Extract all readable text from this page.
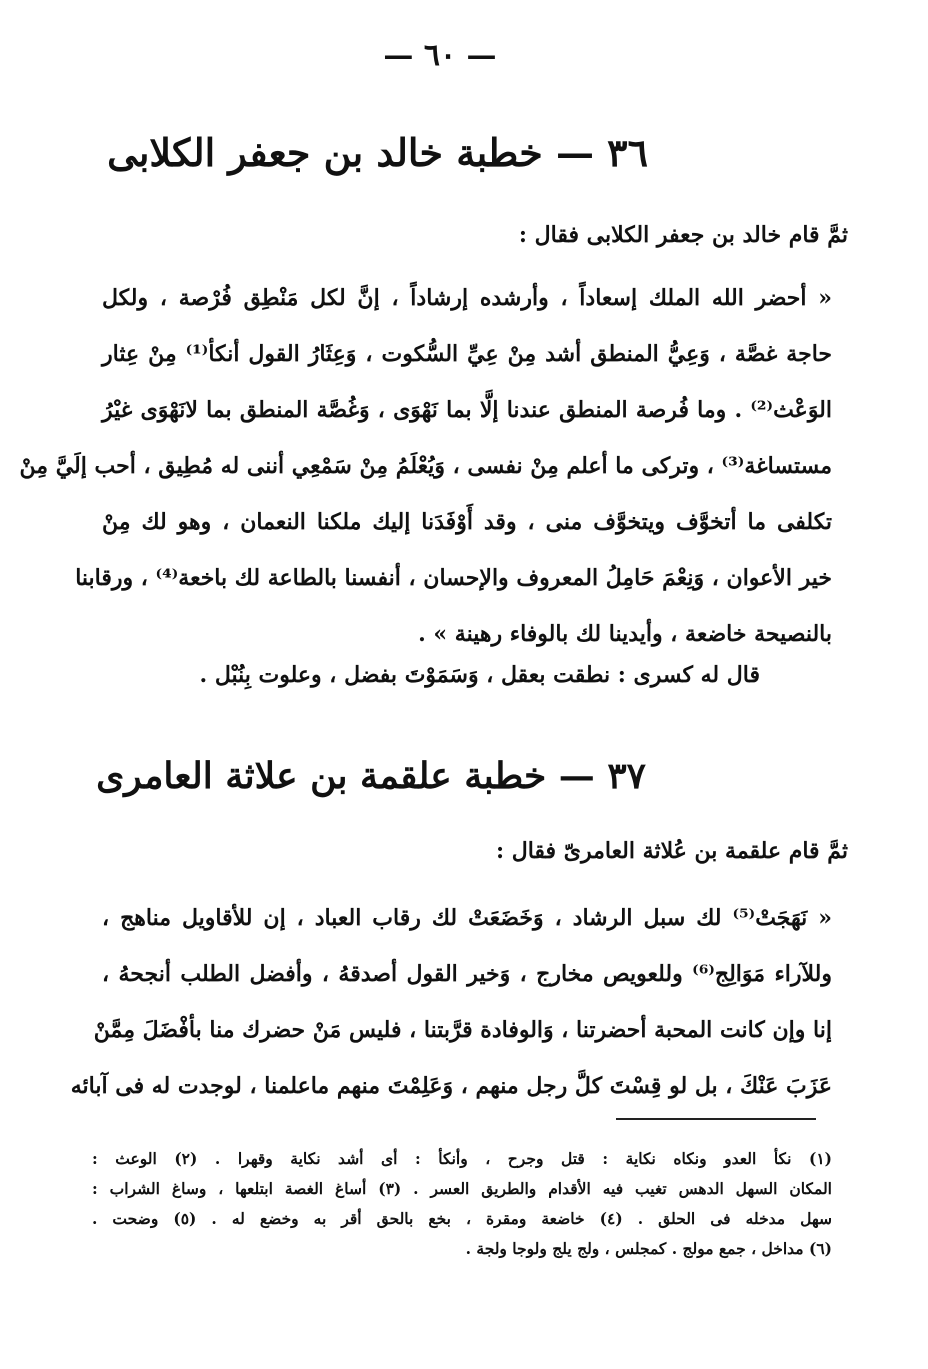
— ٦٠ —
٣٦ — خطبة خالد بن جعفر الكلابى
ثمَّ قام خالد بن جعفر الكلابى فقال :
« أحضر الله الملك إسعاداً ، وأرشده إرشاداً ، إنَّ لكل مَنْطِق فُرْصة ، ولكل
حاجة غصَّة ، وَعِيُّ المنطق أشد مِنْ عِيِّ السُّكوت ، وَعِثَارُ القول أنكأ⁽¹⁾ مِنْ عِثار
الوَعْث⁽²⁾ . وما فُرصة المنطق عندنا إلَّا بما نَهْوَى ، وَغُصَّة المنطق بما لانَهْوَى غيْرُ
مستساغة⁽³⁾ ، وتركى ما أعلم مِنْ نفسى ، وَيُعْلَمُ مِنْ سَمْعِي أننى له مُطِيق ، أحب إلَيَّ مِنْ
تكلفى ما أتخوَّف ويتخوَّف منى ، وقد أَوْفَدَنا إليك ملكنا النعمان ، وهو لك مِنْ
خير الأعوان ، وَنِعْمَ حَامِلُ المعروف والإحسان ، أنفسنا بالطاعة لك باخعة⁽⁴⁾ ، ورقابنا
بالنصيحة خاضعة ، وأيدينا لك بالوفاء رهينة » .
قال له كسرى : نطقت بعقل ، وَسَمَوْتَ بفضل ، وعلوت بِنُبْل .
٣٧ — خطبة علقمة بن علاثة العامرى
ثمَّ قام علقمة بن عُلاثة العامرىّ فقال :
« نَهَجَتْ⁽⁵⁾ لك سبل الرشاد ، وَخَضَعَتْ لك رقاب العباد ، إن للأقاويل مناهج ،
وللآراء مَوَالِج⁽⁶⁾ وللعويص مخارج ، وَخير القول أصدقهُ ، وأفضل الطلب أنجحهُ ،
إنا وإن كانت المحبة أحضرتنا ، وَالوفادة قرَّبتنا ، فليس مَنْ حضرك منا بأفْضَلَ مِمَّنْ
عَزَبَ عَنْكَ ، بل لو قِسْتَ كلَّ رجل منهم ، وَعَلِمْتَ منهم ماعلمنا ، لوجدت له فى آبائه
(١) نكأ العدو ونكاه نكاية : قتل وجرح ، وأنكأ : أى أشد نكاية وقهرا . (٢) الوعث :
المكان السهل الدهس تغيب فيه الأقدام والطريق العسر . (٣) أساغ الغصة ابتلعها ، وساغ الشراب :
سهل مدخله فى الحلق . (٤) خاضعة ومقرة ، بخع بالحق أقر به وخضع له . (٥) وضحت .
(٦) مداخل ، جمع مولج . كمجلس ، ولج يلج ولوجا ولجة .
